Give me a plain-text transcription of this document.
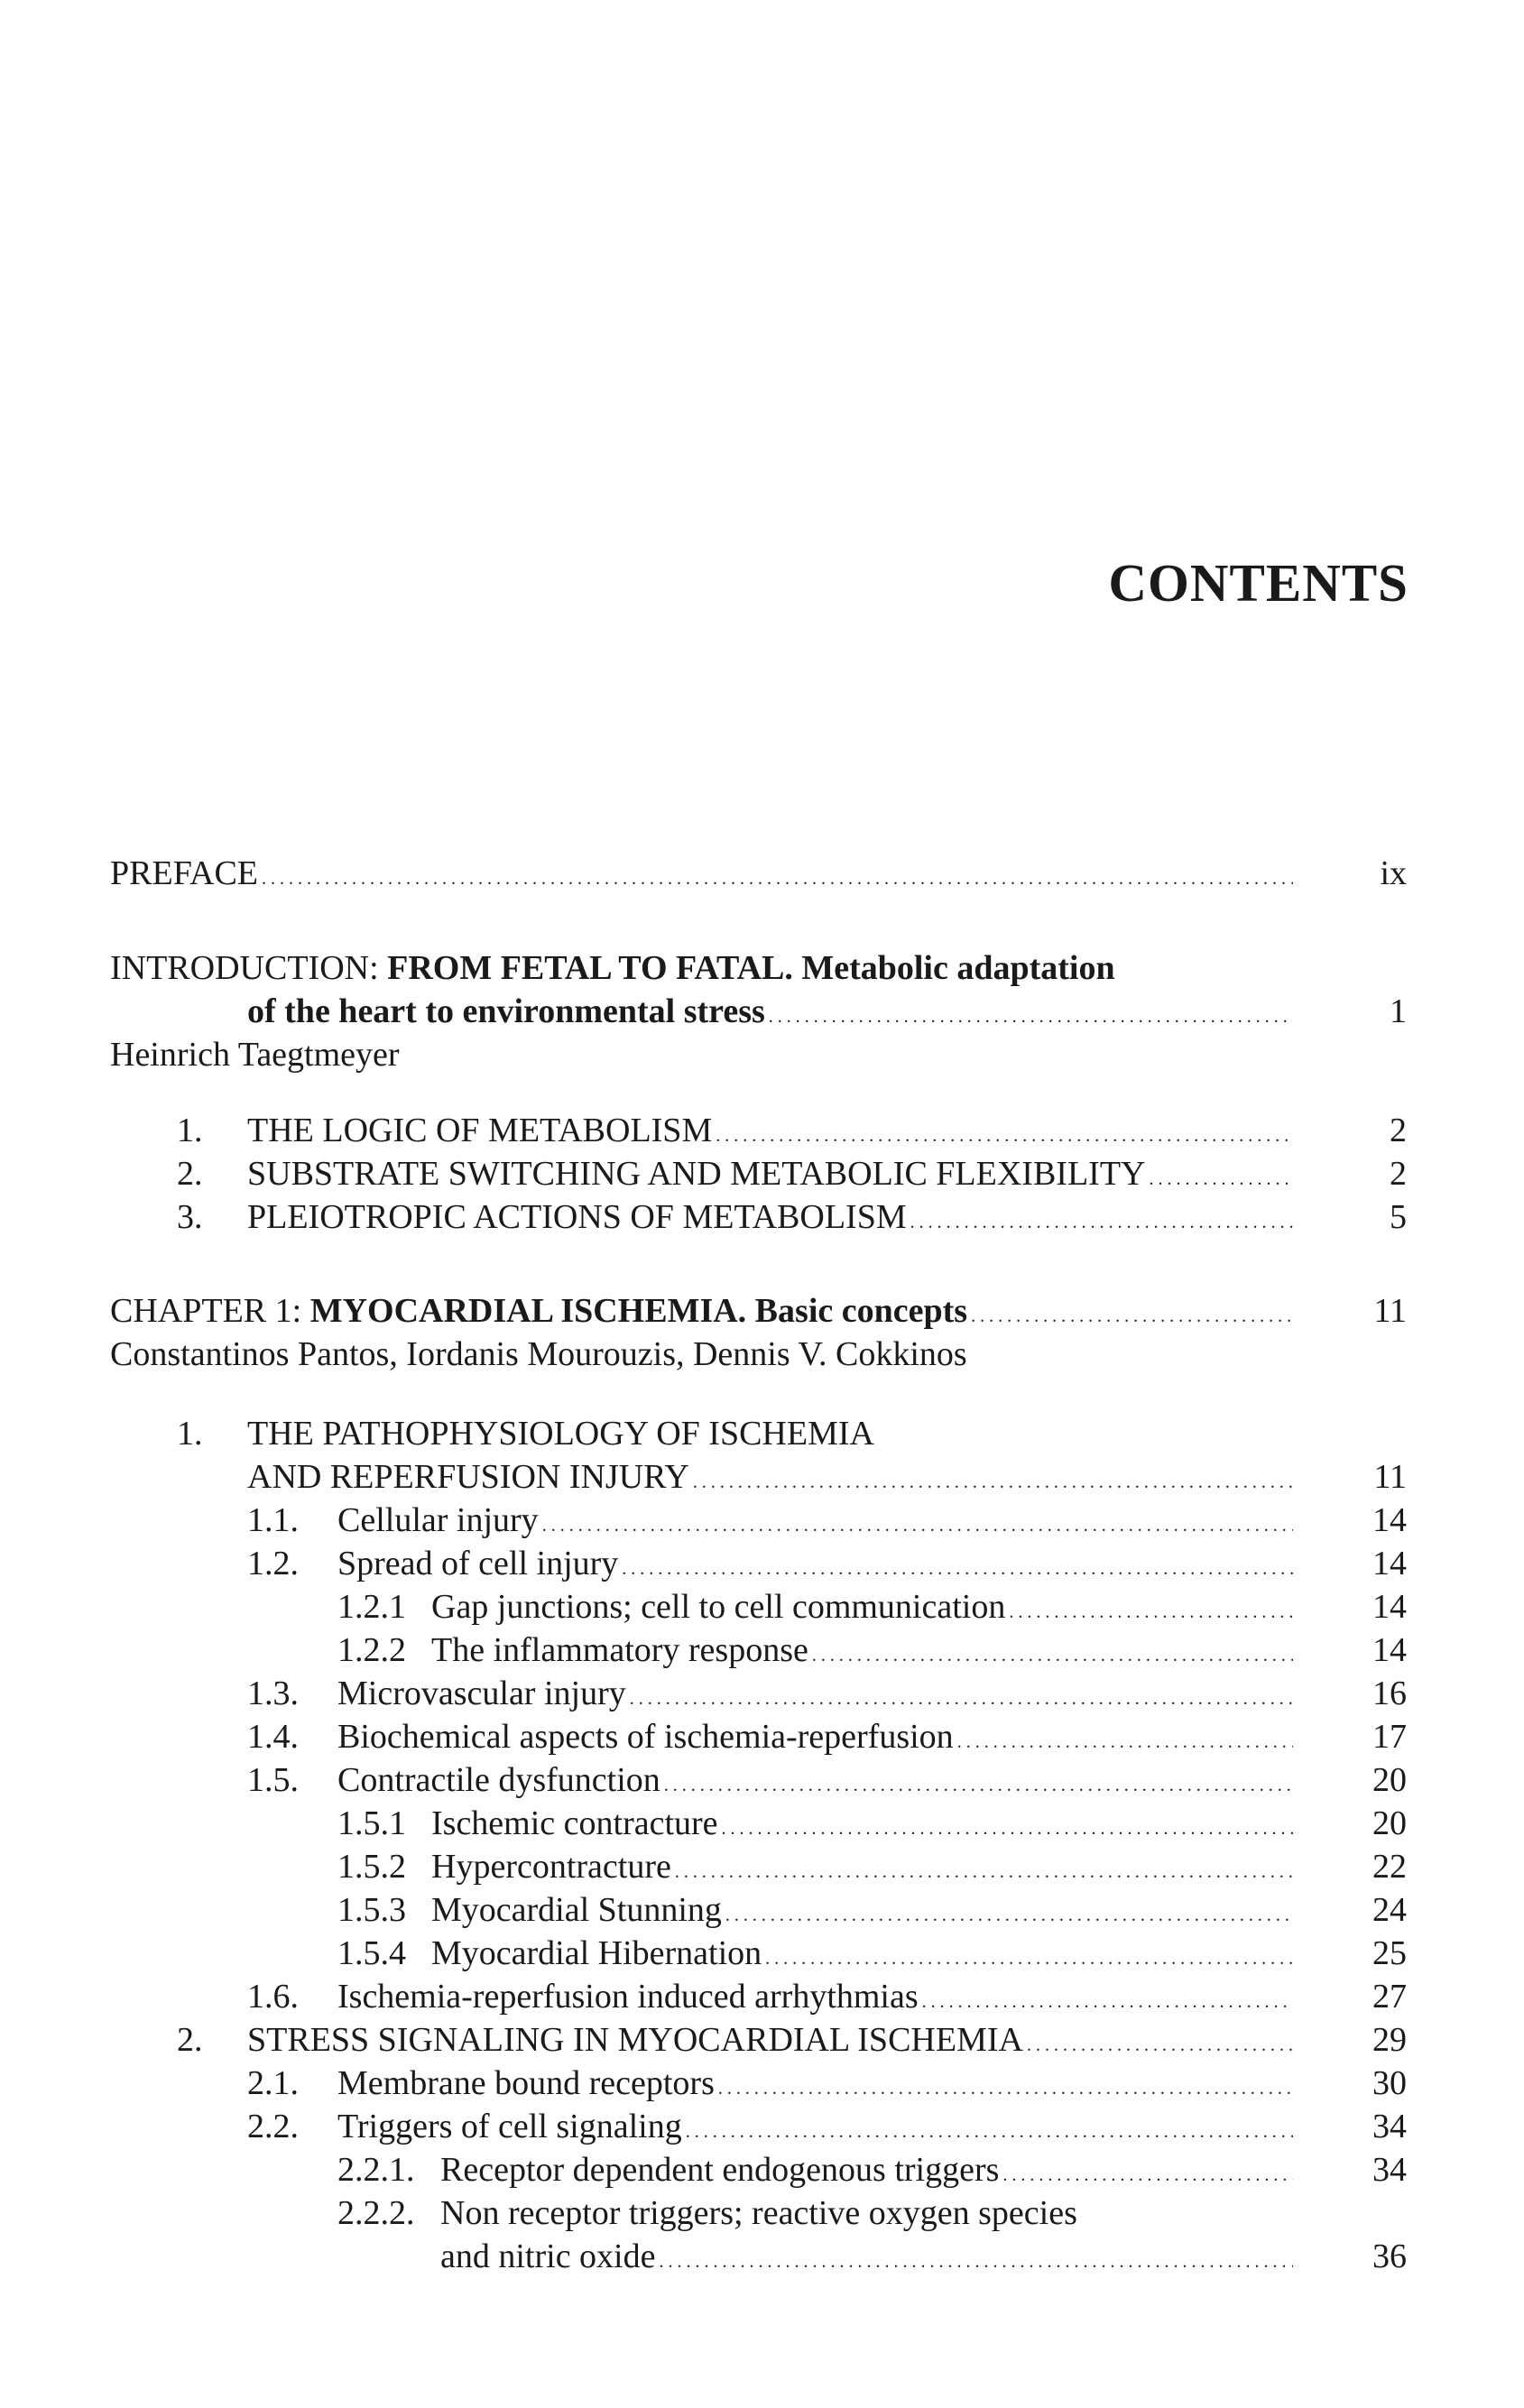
CONTENTS
PREFACE . . .	ix
INTRODUCTION: FROM FETAL TO FATAL. Metabolic adaptation
of the heart to environmental stress . . .	1
Heinrich Taegtmeyer
1. THE LOGIC OF METABOLISM . . .	2
2. SUBSTRATE SWITCHING AND METABOLIC FLEXIBILITY . . .	2
3. PLEIOTROPIC ACTIONS OF METABOLISM . . .	5
CHAPTER 1: MYOCARDIAL ISCHEMIA. Basic concepts . . .	11
Constantinos Pantos, Iordanis Mourouzis, Dennis V. Cokkinos
1. THE PATHOPHYSIOLOGY OF ISCHEMIA
AND REPERFUSION INJURY . . .	11
1.1. Cellular injury . . .	14
1.2. Spread of cell injury . . .	14
1.2.1 Gap junctions; cell to cell communication . . .	14
1.2.2 The inflammatory response . . .	14
1.3. Microvascular injury . . .	16
1.4. Biochemical aspects of ischemia-reperfusion . . .	17
1.5. Contractile dysfunction . . .	20
1.5.1 Ischemic contracture . . .	20
1.5.2 Hypercontracture . . .	22
1.5.3 Myocardial Stunning . . .	24
1.5.4 Myocardial Hibernation . . .	25
1.6. Ischemia-reperfusion induced arrhythmias . . .	27
2. STRESS SIGNALING IN MYOCARDIAL ISCHEMIA . . .	29
2.1. Membrane bound receptors . . .	30
2.2. Triggers of cell signaling . . .	34
2.2.1. Receptor dependent endogenous triggers . . .	34
2.2.2. Non receptor triggers; reactive oxygen species
and nitric oxide . . .	36
